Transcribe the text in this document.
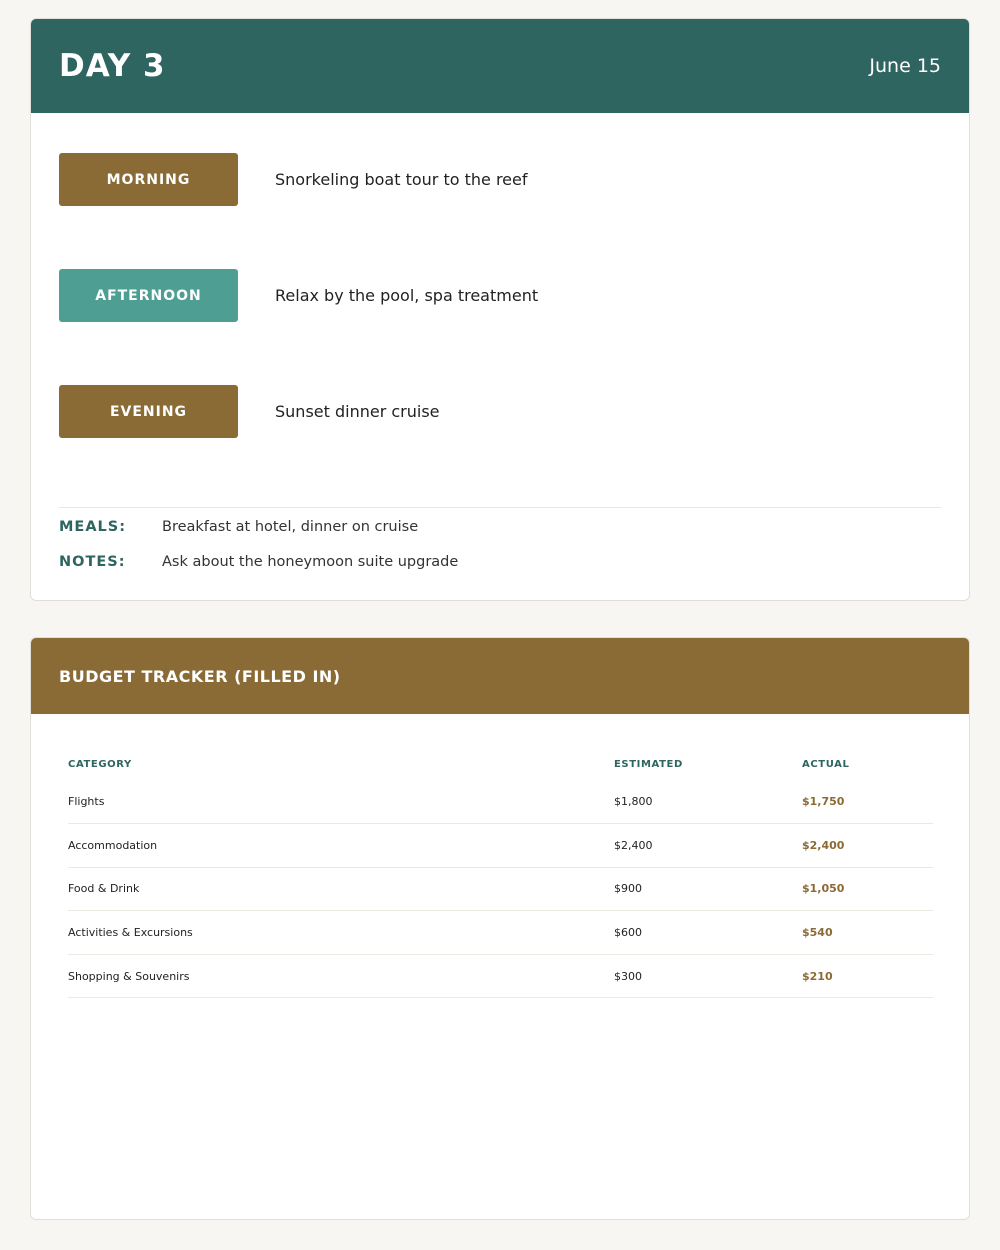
DAY 3	June 15
MORNING	Snorkeling boat tour to the reef
AFTERNOON	Relax by the pool, spa treatment
EVENING	Sunset dinner cruise
MEALS:	Breakfast at hotel, dinner on cruise
NOTES:	Ask about the honeymoon suite upgrade
BUDGET TRACKER (FILLED IN)
CATEGORY	ESTIMATED	ACTUAL
Flights	$1,800	$1,750
Accommodation	$2,400	$2,400
Food & Drink	$900	$1,050
Activities & Excursions	$600	$540
Shopping & Souvenirs	$300	$210
